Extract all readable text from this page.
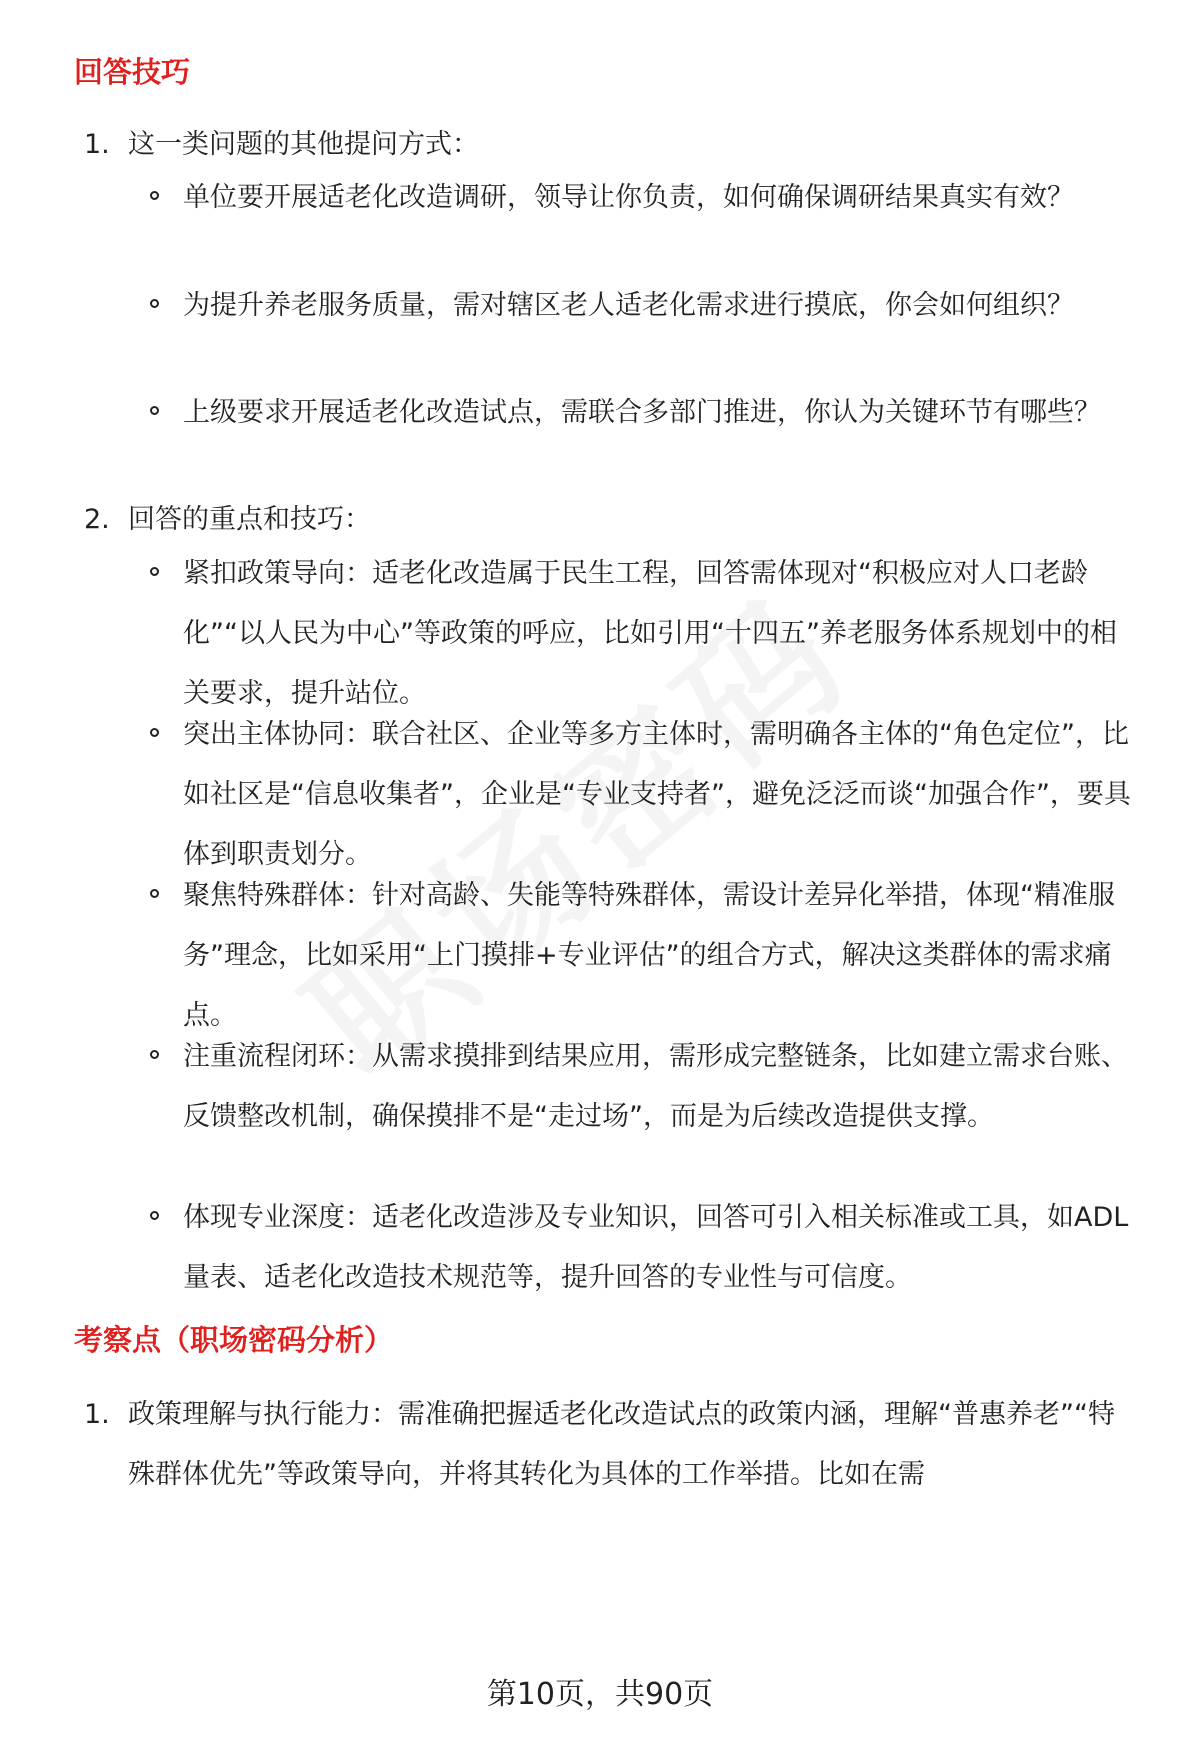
回答技巧
1. 这一类问题的其他提问方式：
单位要开展适老化改造调研，领导让你负责，如何确保调研结果真实有效？
为提升养老服务质量，需对辖区老人适老化需求进行摸底，你会如何组织？
上级要求开展适老化改造试点，需联合多部门推进，你认为关键环节有哪些？
2. 回答的重点和技巧：
紧扣政策导向：适老化改造属于民生工程，回答需体现对“积极应对人口老龄化”“以人民为中心”等政策的呼应，比如引用“十四五”养老服务体系规划中的相关要求，提升站位。
突出主体协同：联合社区、企业等多方主体时，需明确各主体的“角色定位”，比如社区是“信息收集者”，企业是“专业支持者”，避免泛泛而谈“加强合作”，要具体到职责划分。
聚焦特殊群体：针对高龄、失能等特殊群体，需设计差异化举措，体现“精准服务”理念，比如采用“上门摸排+专业评估”的组合方式，解决这类群体的需求痛点。
注重流程闭环：从需求摸排到结果应用，需形成完整链条，比如建立需求台账、反馈整改机制，确保摸排不是“走过场”，而是为后续改造提供支撑。
体现专业深度：适老化改造涉及专业知识，回答可引入相关标准或工具，如ADL量表、适老化改造技术规范等，提升回答的专业性与可信度。
考察点（职场密码分析）
1. 政策理解与执行能力：需准确把握适老化改造试点的政策内涵，理解“普惠养老”“特殊群体优先”等政策导向，并将其转化为具体的工作举措。比如在需
第10页，共90页
